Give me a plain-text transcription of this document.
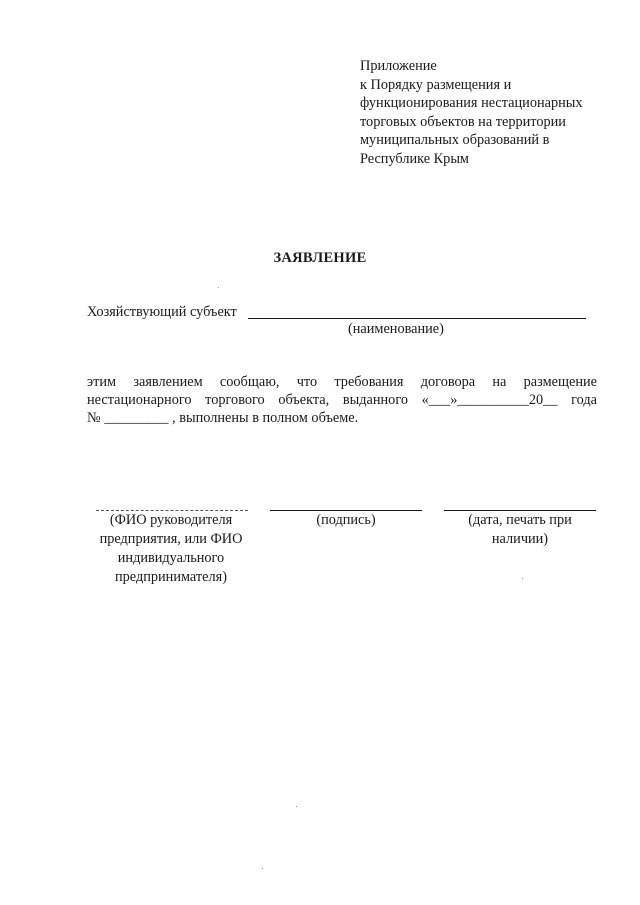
Приложение
к Порядку размещения и
функционирования нестационарных
торговых объектов на территории
муниципальных образований в
Республике Крым
ЗАЯВЛЕНИЕ
Хозяйствующий субъект
(наименование)
этим заявлением сообщаю, что требования договора на размещение
нестационарного торгового объекта, выданного «___»__________20__ года
№ _________ , выполнены в полном объеме.
(ФИО руководителя
предприятия, или ФИО
индивидуального
предпринимателя)
(подпись)	(дата, печать при
наличии)
